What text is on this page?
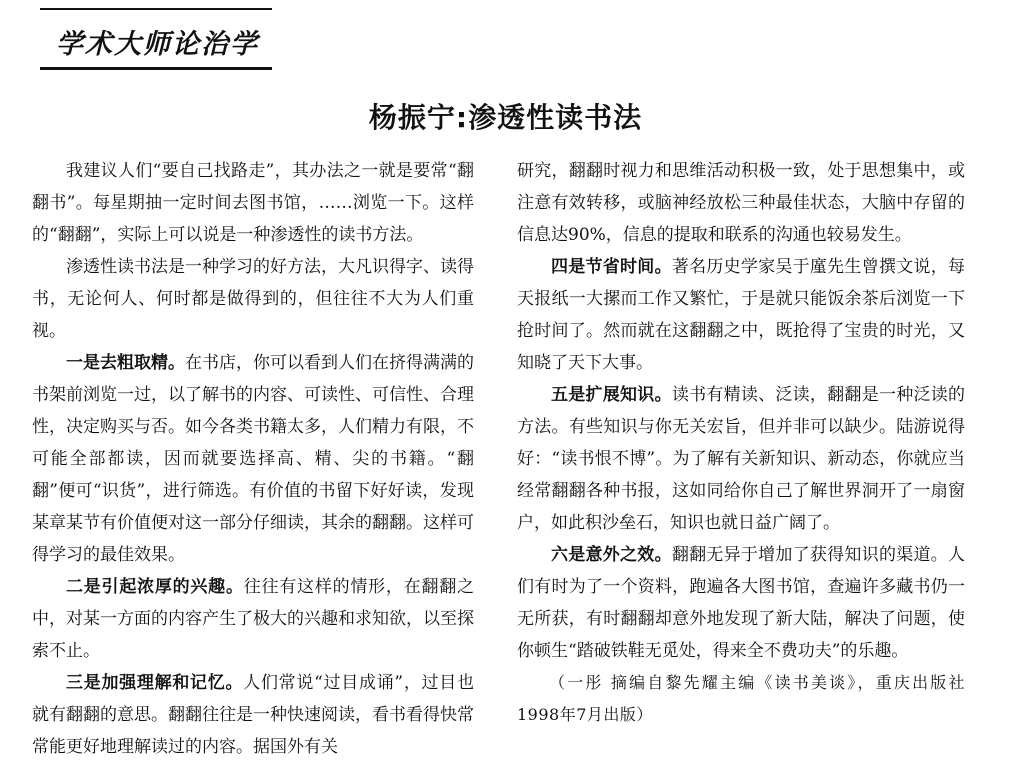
学术大师论治学
杨振宁:渗透性读书法

我建议人们“要自己找路走”，其办法之一就是要常“翻翻书”。每星期抽一定时间去图书馆，……浏览一下。这样的“翻翻”，实际上可以说是一种渗透性的读书方法。

渗透性读书法是一种学习的好方法，大凡识得字、读得书，无论何人、何时都是做得到的，但往往不大为人们重视。

一是去粗取精。在书店，你可以看到人们在挤得满满的书架前浏览一过，以了解书的内容、可读性、可信性、合理性，决定购买与否。如今各类书籍太多，人们精力有限，不可能全部都读，因而就要选择高、精、尖的书籍。“翻翻”便可“识货”，进行筛选。有价值的书留下好好读，发现某章某节有价值便对这一部分仔细读，其余的翻翻。这样可得学习的最佳效果。

二是引起浓厚的兴趣。往往有这样的情形，在翻翻之中，对某一方面的内容产生了极大的兴趣和求知欲，以至探索不止。

三是加强理解和记忆。人们常说“过目成诵”，过目也就有翻翻的意思。翻翻往往是一种快速阅读，看书看得快常常能更好地理解读过的内容。据国外有关

研究，翻翻时视力和思维活动积极一致，处于思想集中，或注意有效转移，或脑神经放松三种最佳状态，大脑中存留的信息达90%，信息的提取和联系的沟通也较易发生。

四是节省时间。著名历史学家吴于廑先生曾撰文说，每天报纸一大摞而工作又繁忙，于是就只能饭余茶后浏览一下抢时间了。然而就在这翻翻之中，既抢得了宝贵的时光，又知晓了天下大事。

五是扩展知识。读书有精读、泛读，翻翻是一种泛读的方法。有些知识与你无关宏旨，但并非可以缺少。陆游说得好：“读书恨不博”。为了解有关新知识、新动态，你就应当经常翻翻各种书报，这如同给你自己了解世界洞开了一扇窗户，如此积沙垒石，知识也就日益广阔了。

六是意外之效。翻翻无异于增加了获得知识的渠道。人们有时为了一个资料，跑遍各大图书馆，查遍许多藏书仍一无所获，有时翻翻却意外地发现了新大陆，解决了问题，使你顿生“踏破铁鞋无觅处，得来全不费功夫”的乐趣。

（一彤 摘编自黎先耀主编《读书美谈》，重庆出版社1998年7月出版）
